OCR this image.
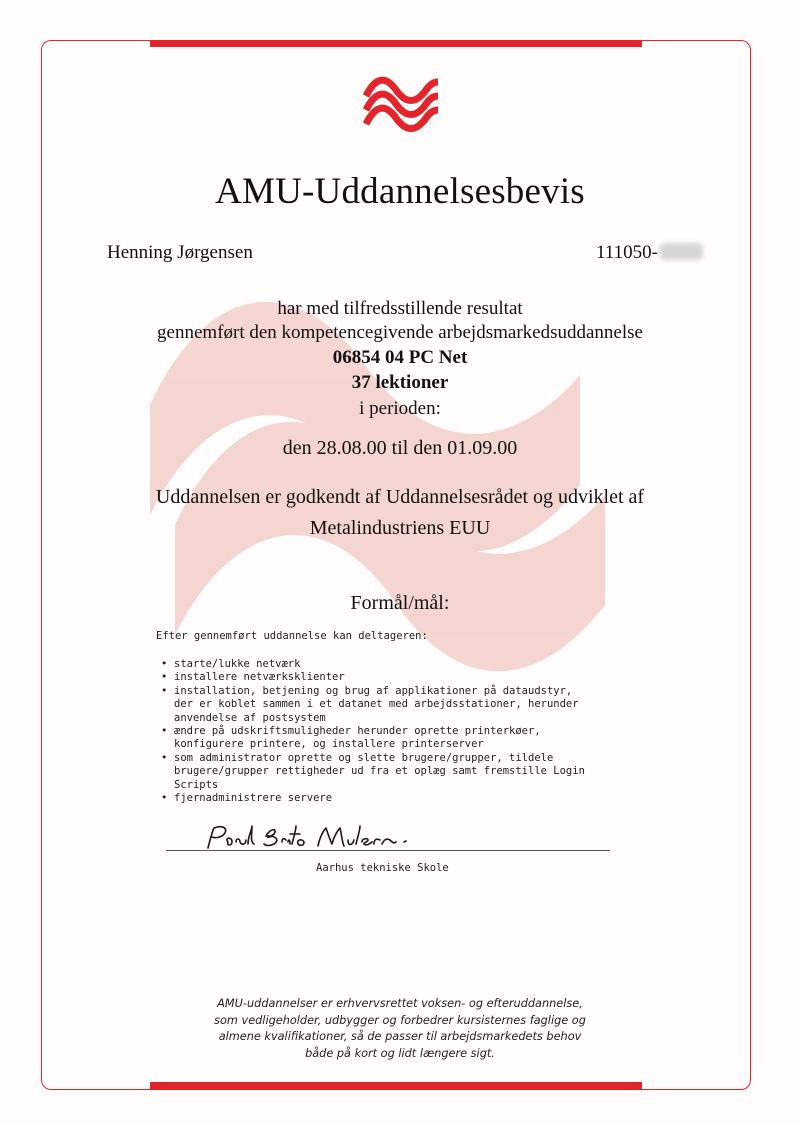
AMU-Uddannelsesbevis
Henning Jørgensen	111050-
har med tilfredsstillende resultat
gennemført den kompetencegivende arbejdsmarkedsuddannelse
06854 04 PC Net
37 lektioner
i perioden:
den 28.08.00 til den 01.09.00
Uddannelsen er godkendt af Uddannelsesrådet og udviklet af
Metalindustriens EUU
Formål/mål:

Efter gennemført uddannelse kan deltageren:

• starte/lukke netværk
• installere netværksklienter
• installation, betjening og brug af applikationer på dataudstyr,
der er koblet sammen i et datanet med arbejdsstationer, herunder
anvendelse af postsystem
• ændre på udskriftsmuligheder herunder oprette printerkøer,
konfigurere printere, og installere printerserver
• som administrator oprette og slette brugere/grupper, tildele
brugere/grupper rettigheder ud fra et oplæg samt fremstille Login
Scripts
• fjernadministrere servere
Aarhus tekniske Skole
AMU-uddannelser er erhvervsrettet voksen- og efteruddannelse,
som vedligeholder, udbygger og forbedrer kursisternes faglige og
almene kvalifikationer, så de passer til arbejdsmarkedets behov
både på kort og lidt længere sigt.
